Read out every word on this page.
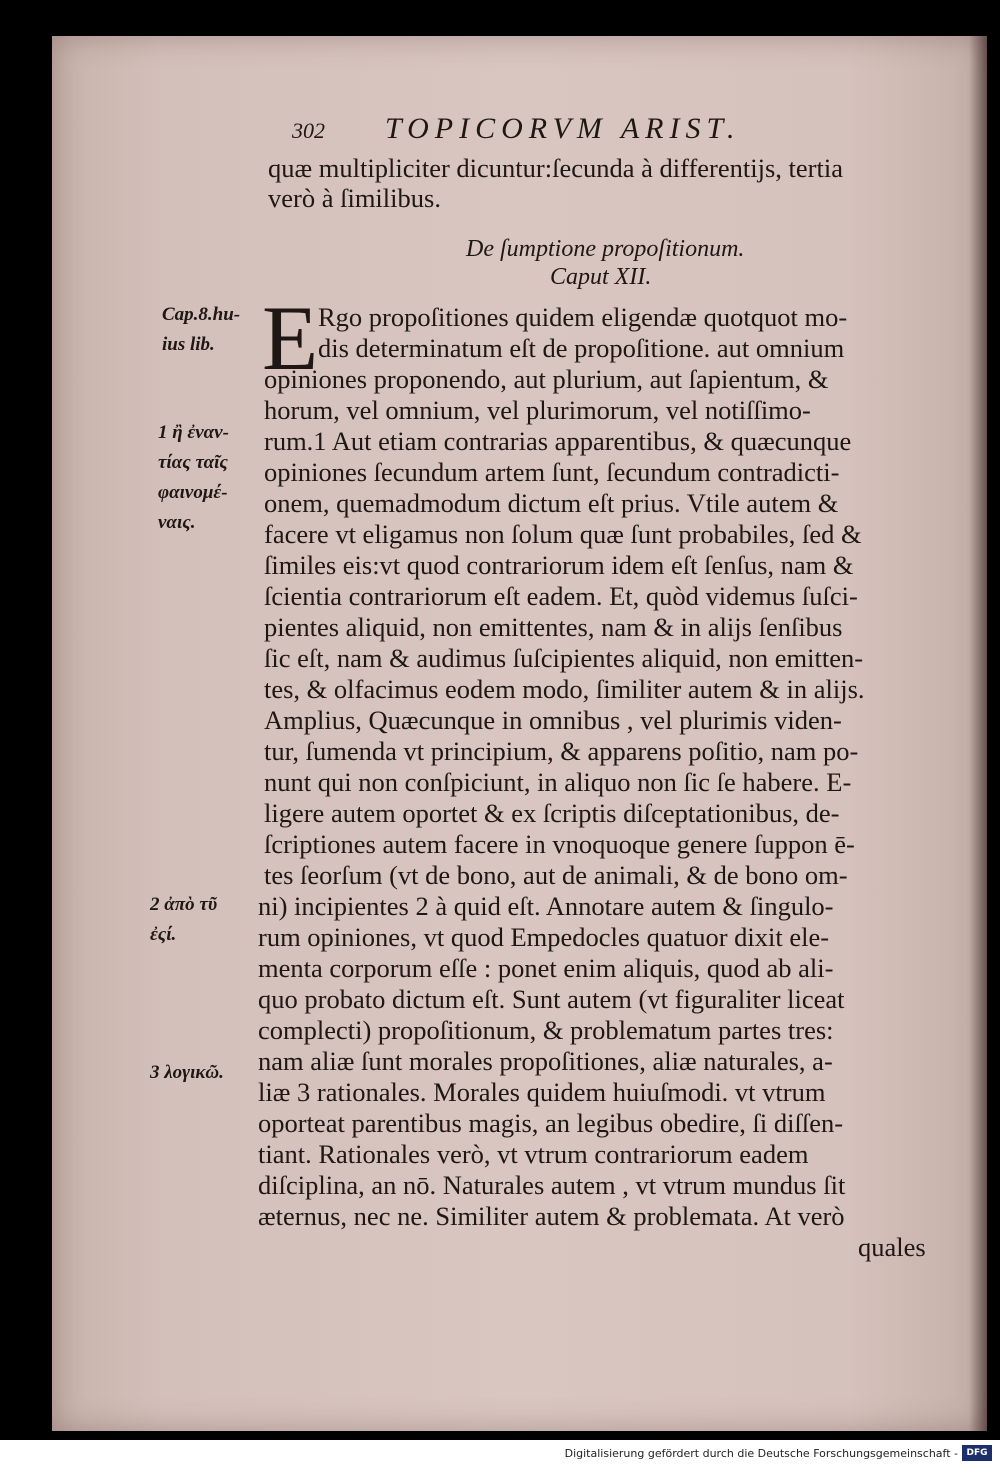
302 TOPICORVM ARIST.
quæ multipliciter dicuntur:ſecunda à differentijs, tertia
verò à ſimilibus.
De ſumptione propoſitionum.
Caput XII.
E Rgo propoſitiones quidem eligendæ quotquot mo-
dis determinatum eſt de propoſitione. aut omnium
opiniones proponendo, aut plurium, aut ſapientum, &
horum, vel omnium, vel plurimorum, vel notiſſimo-
rum.1 Aut etiam contrarias apparentibus, & quæcunque
opiniones ſecundum artem ſunt, ſecundum contradicti-
onem, quemadmodum dictum eſt prius. Vtile autem &
facere vt eligamus non ſolum quæ ſunt probabiles, ſed &
ſimiles eis:vt quod contrariorum idem eſt ſenſus, nam &
ſcientia contrariorum eſt eadem. Et, quòd videmus ſuſci-
pientes aliquid, non emittentes, nam & in alijs ſenſibus
ſic eſt, nam & audimus ſuſcipientes aliquid, non emitten-
tes, & olfacimus eodem modo, ſimiliter autem & in alijs.
Amplius, Quæcunque in omnibus , vel plurimis viden-
tur, ſumenda vt principium, & apparens poſitio, nam po-
nunt qui non conſpiciunt, in aliquo non ſic ſe habere. E-
ligere autem oportet & ex ſcriptis diſceptationibus, de-
ſcriptiones autem facere in vnoquoque genere ſuppon ē-
tes ſeorſum (vt de bono, aut de animali, & de bono om-
ni) incipientes 2 à quid eſt. Annotare autem & ſingulo-
rum opiniones, vt quod Empedocles quatuor dixit ele-
menta corporum eſſe : ponet enim aliquis, quod ab ali-
quo probato dictum eſt. Sunt autem (vt figuraliter liceat
complecti) propoſitionum, & problematum partes tres:
nam aliæ ſunt morales propoſitiones, aliæ naturales, a-
liæ 3 rationales. Morales quidem huiuſmodi. vt vtrum
oporteat parentibus magis, an legibus obedire, ſi diſſen-
tiant. Rationales verò, vt vtrum contrariorum eadem
diſciplina, an nō. Naturales autem , vt vtrum mundus ſit
æternus, nec ne. Similiter autem & problemata. At verò
quales
Cap.8.hu-
ius lib.
1 ἢ ἐναν-
τίας ταῖς
φαινομέ-
ναις.
2 ἀπὸ τῦ
ἐςί.
3 λογικῶ.
Digitalisierung gefördert durch die Deutsche Forschungsgemeinschaft - DFG
